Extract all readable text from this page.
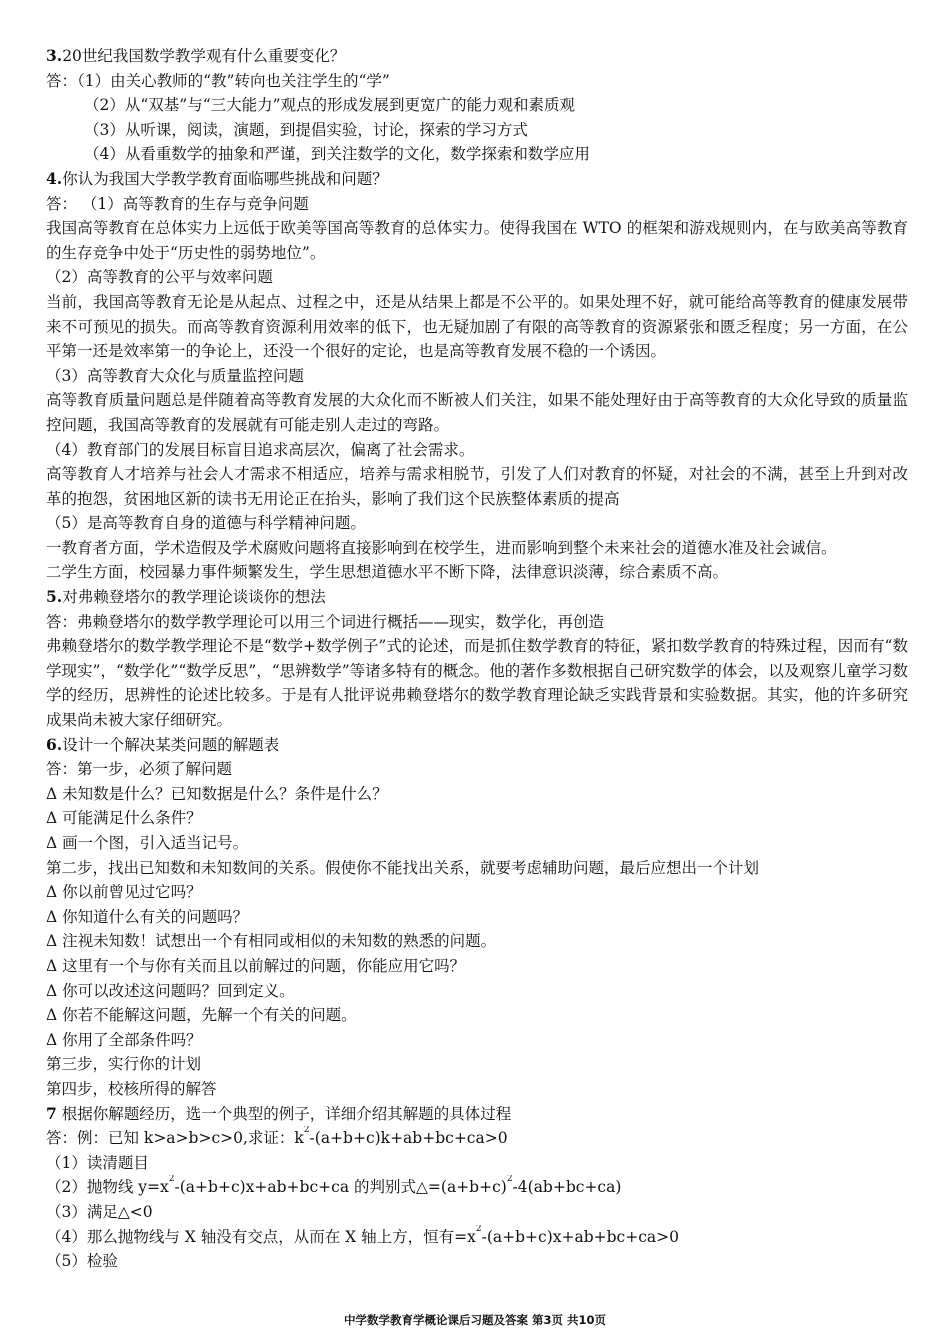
3.20世纪我国数学教学观有什么重要变化？
答：（1）由关心教师的“教”转向也关注学生的“学”
（2）从“双基”与“三大能力”观点的形成发展到更宽广的能力观和素质观
（3）从听课，阅读，演题，到提倡实验，讨论，探索的学习方式
（4）从看重数学的抽象和严谨，到关注数学的文化，数学探索和数学应用
4.你认为我国大学教学教育面临哪些挑战和问题？
答： （1）高等教育的生存与竞争问题
我国高等教育在总体实力上远低于欧美等国高等教育的总体实力。使得我国在 WTO 的框架和游戏规则内，在与欧美高等教育的生存竞争中处于“历史性的弱势地位”。
（2）高等教育的公平与效率问题
当前，我国高等教育无论是从起点、过程之中，还是从结果上都是不公平的。如果处理不好，就可能给高等教育的健康发展带来不可预见的损失。而高等教育资源利用效率的低下，也无疑加剧了有限的高等教育的资源紧张和匮乏程度；另一方面，在公平第一还是效率第一的争论上，还没一个很好的定论，也是高等教育发展不稳的一个诱因。
（3）高等教育大众化与质量监控问题
高等教育质量问题总是伴随着高等教育发展的大众化而不断被人们关注，如果不能处理好由于高等教育的大众化导致的质量监控问题，我国高等教育的发展就有可能走别人走过的弯路。
（4）教育部门的发展目标盲目追求高层次，偏离了社会需求。
高等教育人才培养与社会人才需求不相适应，培养与需求相脱节，引发了人们对教育的怀疑，对社会的不满，甚至上升到对改革的抱怨，贫困地区新的读书无用论正在抬头，影响了我们这个民族整体素质的提高
（5）是高等教育自身的道德与科学精神问题。
一教育者方面，学术造假及学术腐败问题将直接影响到在校学生，进而影响到整个未来社会的道德水准及社会诚信。
二学生方面，校园暴力事件频繁发生，学生思想道德水平不断下降，法律意识淡薄，综合素质不高。
5.对弗赖登塔尔的教学理论谈谈你的想法
答：弗赖登塔尔的数学教学理论可以用三个词进行概括——现实，数学化，再创造
弗赖登塔尔的数学教学理论不是“数学+数学例子”式的论述，而是抓住数学教育的特征，紧扣数学教育的特殊过程，因而有“数学现实”，“数学化”“数学反思”，“思辨数学”等诸多特有的概念。他的著作多数根据自己研究数学的体会，以及观察儿童学习数学的经历，思辨性的论述比较多。于是有人批评说弗赖登塔尔的数学教育理论缺乏实践背景和实验数据。其实，他的许多研究成果尚未被大家仔细研究。
6.设计一个解决某类问题的解题表
答：第一步，必须了解问题
Δ 未知数是什么？已知数据是什么？条件是什么？
Δ 可能满足什么条件？
Δ 画一个图，引入适当记号。
第二步，找出已知数和未知数间的关系。假使你不能找出关系，就要考虑辅助问题，最后应想出一个计划
Δ 你以前曾见过它吗？
Δ 你知道什么有关的问题吗？
Δ 注视未知数！试想出一个有相同或相似的未知数的熟悉的问题。
Δ 这里有一个与你有关而且以前解过的问题，你能应用它吗？
Δ 你可以改述这问题吗？回到定义。
Δ 你若不能解这问题，先解一个有关的问题。
Δ 你用了全部条件吗？
第三步，实行你的计划
第四步，校核所得的解答
7 根据你解题经历，选一个典型的例子，详细介绍其解题的具体过程
答：例：已知 k>a>b>c>0,求证：$k^2-(a+b+c)k+ab+bc+ca>0$
（1）读清题目
（2）抛物线 $y=x^2-(a+b+c)x+ab+bc+ca$ 的判别式$\triangle=(a+b+c)^2-4(ab+bc+ca)$
（3）满足△<0
（4）那么抛物线与 X 轴没有交点，从而在 X 轴上方，恒有$=x^2-(a+b+c)x+ab+bc+ca>0$
（5）检验
中学数学教育学概论课后习题及答案 第3页 共10页
